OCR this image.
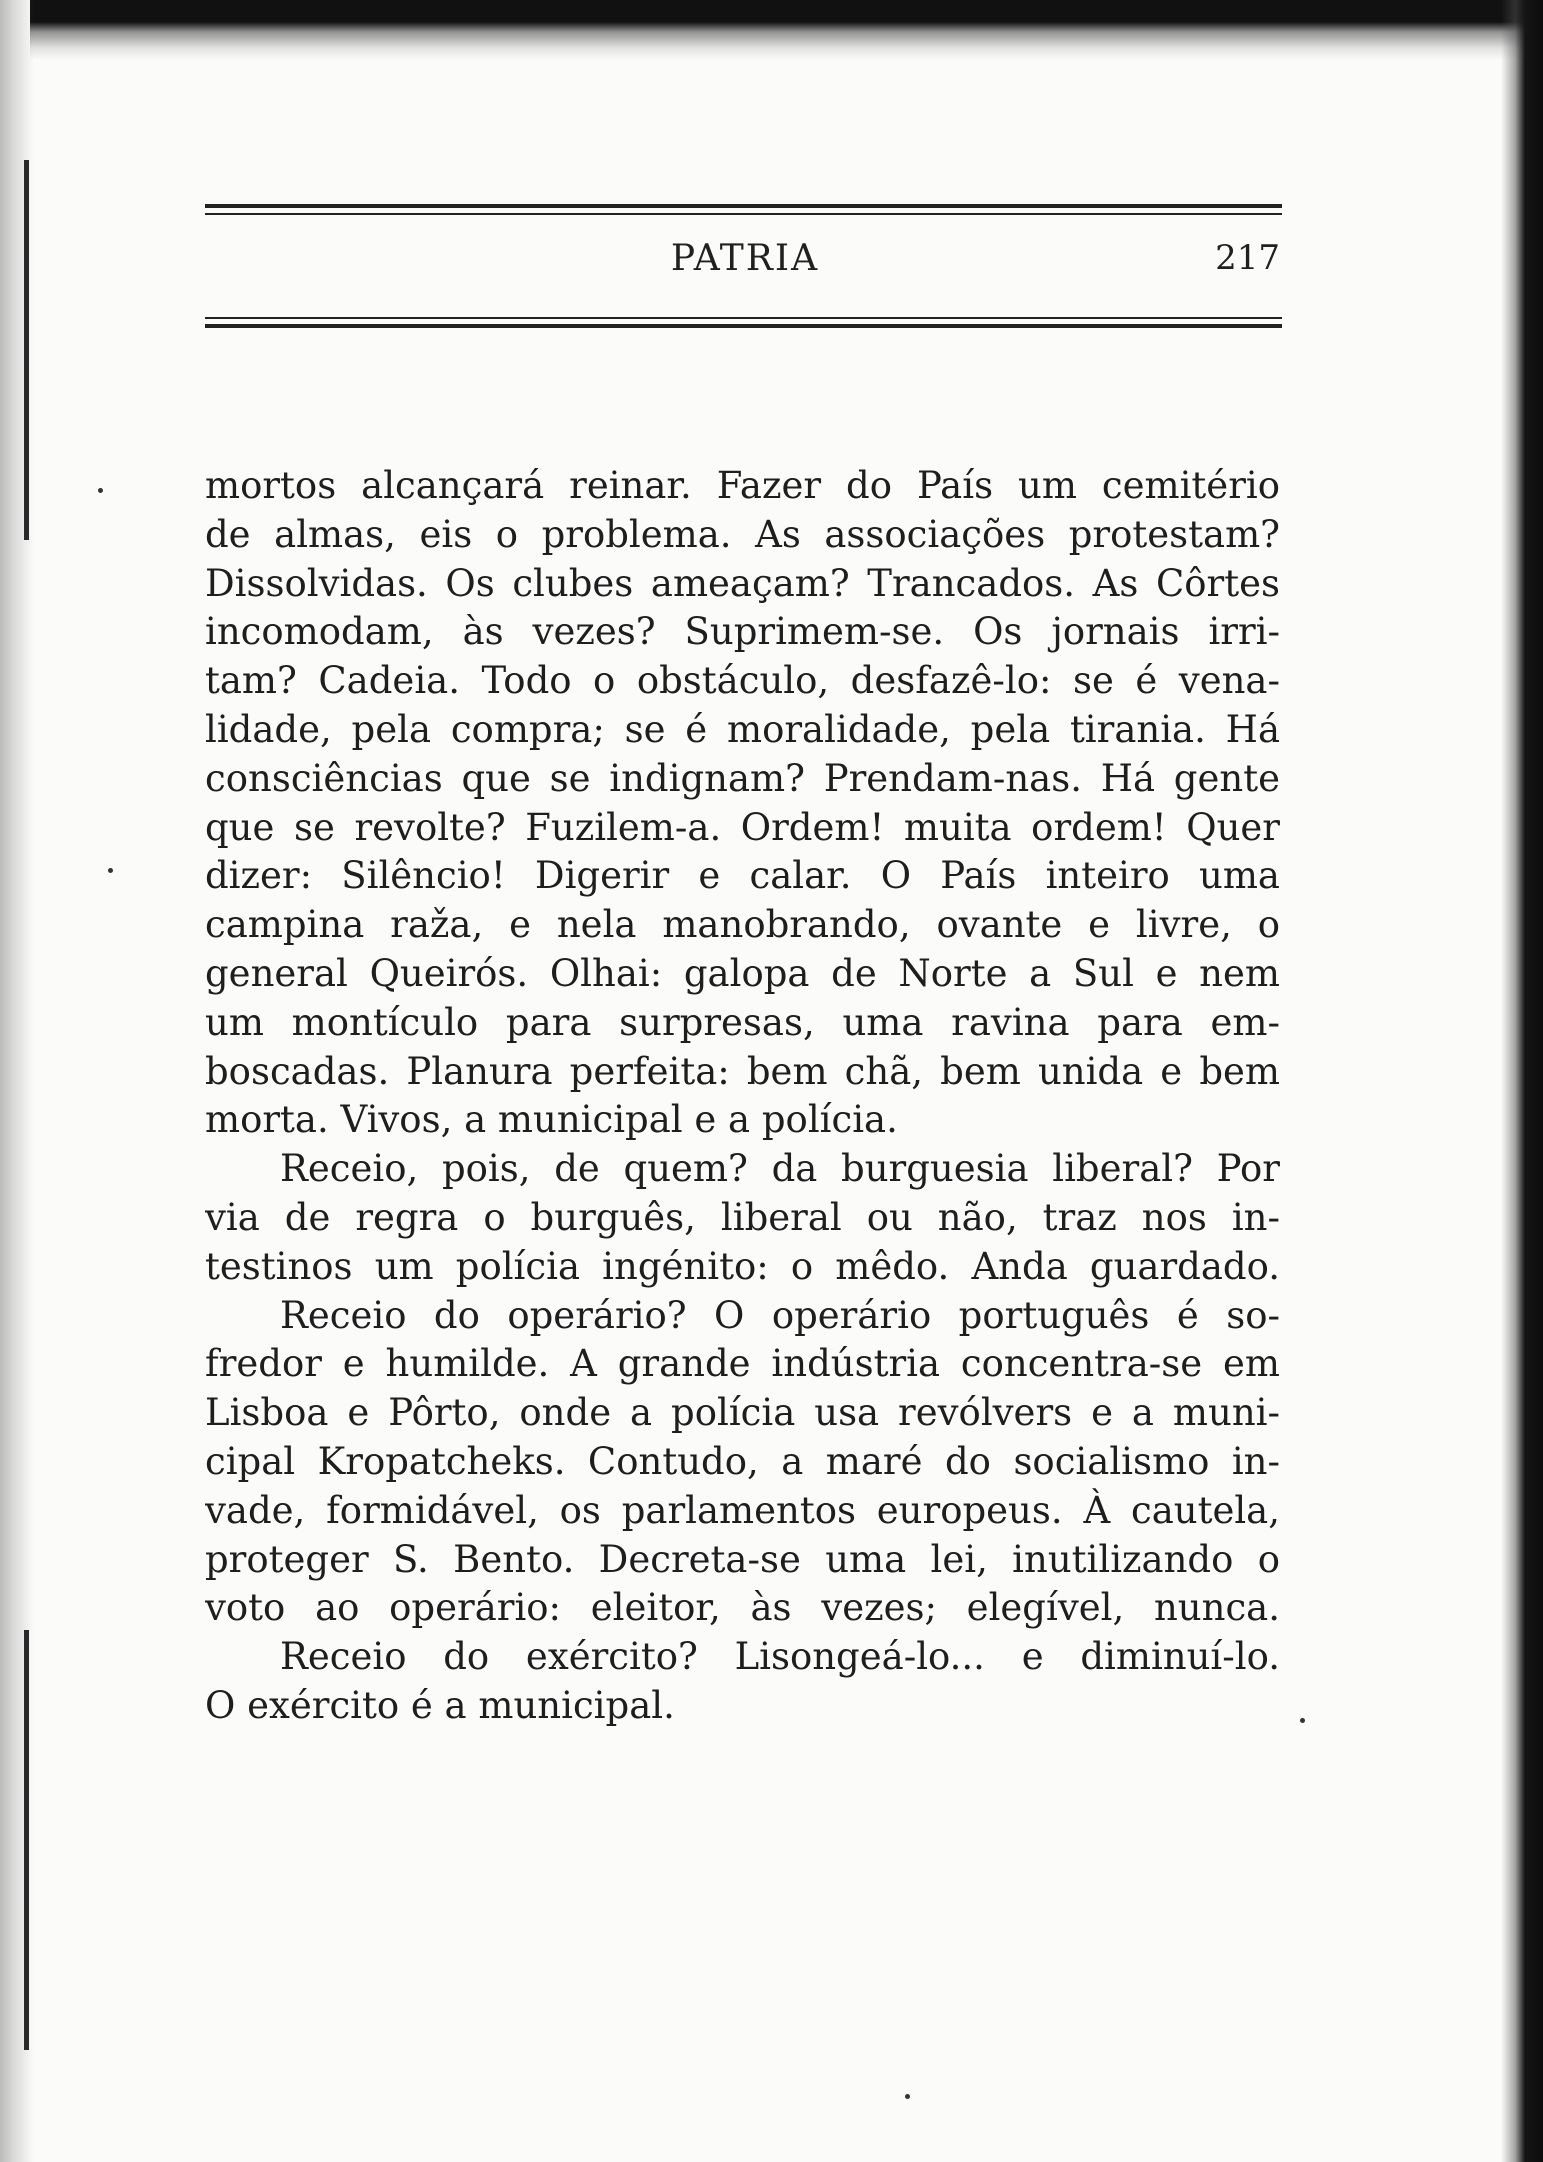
PATRIA	217
mortos alcançará reinar. Fazer do País um cemitério
de almas, eis o problema. As associações protestam?
Dissolvidas. Os clubes ameaçam? Trancados. As Côrtes
incomodam, às vezes? Suprimem-se. Os jornais irri-
tam? Cadeia. Todo o obstáculo, desfazê-lo: se é vena-
lidade, pela compra; se é moralidade, pela tirania. Há
consciências que se indignam? Prendam-nas. Há gente
que se revolte? Fuzilem-a. Ordem! muita ordem! Quer
dizer: Silêncio! Digerir e calar. O País inteiro uma
campina raža, e nela manobrando, ovante e livre, o
general Queirós. Olhai: galopa de Norte a Sul e nem
um montículo para surpresas, uma ravina para em-
boscadas. Planura perfeita: bem chã, bem unida e bem
morta. Vivos, a municipal e a polícia.
Receio, pois, de quem? da burguesia liberal? Por
via de regra o burguês, liberal ou não, traz nos in-
testinos um polícia ingénito: o mêdo. Anda guardado.
Receio do operário? O operário português é so-
fredor e humilde. A grande indústria concentra-se em
Lisboa e Pôrto, onde a polícia usa revólvers e a muni-
cipal Kropatcheks. Contudo, a maré do socialismo in-
vade, formidável, os parlamentos europeus. À cautela,
proteger S. Bento. Decreta-se uma lei, inutilizando o
voto ao operário: eleitor, às vezes; elegível, nunca.
Receio do exército? Lisongeá-lo... e diminuí-lo.
O exército é a municipal.
